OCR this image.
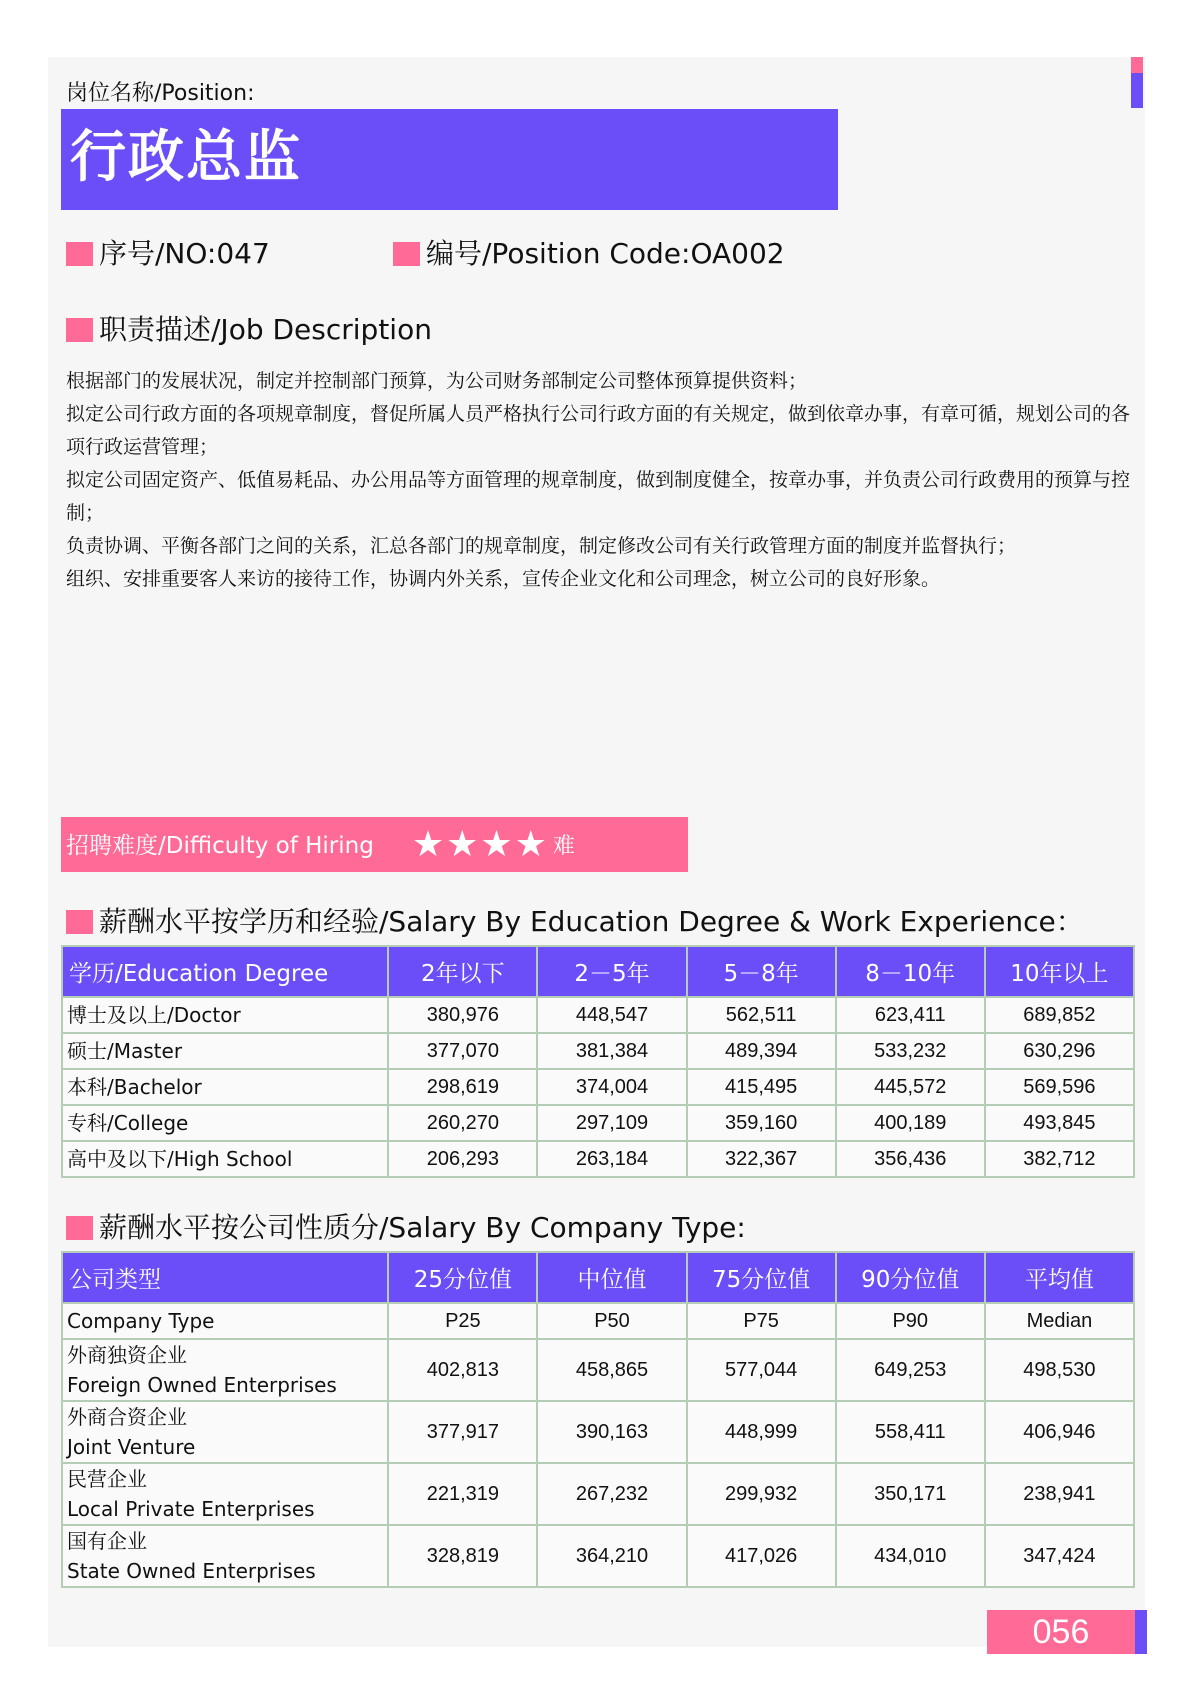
岗位名称/Position:
行政总监
序号/NO:047	编号/Position Code:OA002
职责描述/Job Description

根据部门的发展状况，制定并控制部门预算，为公司财务部制定公司整体预算提供资料；

拟定公司行政方面的各项规章制度，督促所属人员严格执行公司行政方面的有关规定，做到依章办事，有章可循，规划公司的各项行政运营管理；

拟定公司固定资产、低值易耗品、办公用品等方面管理的规章制度，做到制度健全，按章办事，并负责公司行政费用的预算与控制；

负责协调、平衡各部门之间的关系，汇总各部门的规章制度，制定修改公司有关行政管理方面的制度并监督执行；

组织、安排重要客人来访的接待工作，协调内外关系，宣传企业文化和公司理念，树立公司的良好形象。

招聘难度/Difficulty of Hiring ★★★★ 难
薪酬水平按学历和经验/Salary By Education Degree & Work Experience：
学历/Education Degree	2年以下	2－5年	5－8年	8－10年	10年以上
博士及以上/Doctor	380,976	448,547	562,511	623,411	689,852
硕士/Master	377,070	381,384	489,394	533,232	630,296
本科/Bachelor	298,619	374,004	415,495	445,572	569,596
专科/College	260,270	297,109	359,160	400,189	493,845
高中及以下/High School	206,293	263,184	322,367	356,436	382,712
薪酬水平按公司性质分/Salary By Company Type:
公司类型	25分位值	中位值	75分位值	90分位值	平均值
Company Type	P25	P50	P75	P90	Median

外商独资企业
Foreign Owned Enterprises	402,813	458,865	577,044	649,253	498,530

外商合资企业
Joint Venture	377,917	390,163	448,999	558,411	406,946

民营企业
Local Private Enterprises	221,319	267,232	299,932	350,171	238,941

国有企业
State Owned Enterprises	328,819	364,210	417,026	434,010	347,424
056
